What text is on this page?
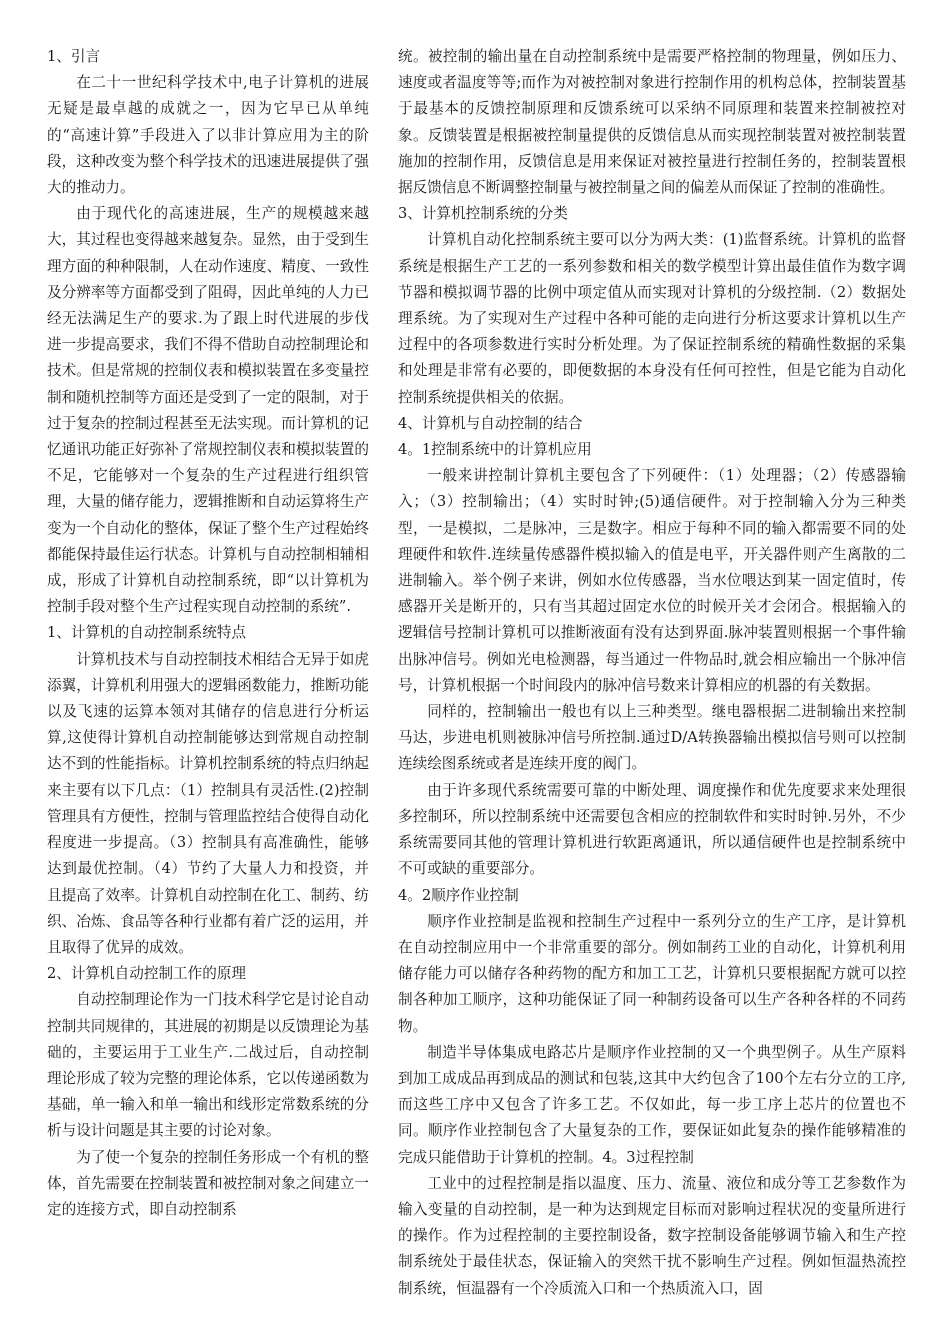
1、引言

在二十一世纪科学技术中,电子计算机的进展无疑是最卓越的成就之一，因为它早已从单纯的“高速计算”手段进入了以非计算应用为主的阶段，这种改变为整个科学技术的迅速进展提供了强大的推动力。

由于现代化的高速进展，生产的规模越来越大，其过程也变得越来越复杂。显然，由于受到生理方面的种种限制，人在动作速度、精度、一致性及分辨率等方面都受到了阻碍，因此单纯的人力已经无法满足生产的要求.为了跟上时代进展的步伐进一步提高要求，我们不得不借助自动控制理论和技术。但是常规的控制仪表和模拟装置在多变量控制和随机控制等方面还是受到了一定的限制，对于过于复杂的控制过程甚至无法实现。而计算机的记忆通讯功能正好弥补了常规控制仪表和模拟装置的不足，它能够对一个复杂的生产过程进行组织管理，大量的储存能力，逻辑推断和自动运算将生产变为一个自动化的整体，保证了整个生产过程始终都能保持最佳运行状态。计算机与自动控制相辅相成，形成了计算机自动控制系统，即“以计算机为控制手段对整个生产过程实现自动控制的系统”.

1、计算机的自动控制系统特点

计算机技术与自动控制技术相结合无异于如虎添翼，计算机利用强大的逻辑函数能力，推断功能以及飞速的运算本领对其储存的信息进行分析运算,这使得计算机自动控制能够达到常规自动控制达不到的性能指标。计算机控制系统的特点归纳起来主要有以下几点：（1）控制具有灵活性.(2)控制管理具有方便性，控制与管理监控结合使得自动化程度进一步提高。（3）控制具有高准确性，能够达到最优控制。（4）节约了大量人力和投资，并且提高了效率。计算机自动控制在化工、制药、纺织、冶炼、食品等各种行业都有着广泛的运用，并且取得了优异的成效。

2、计算机自动控制工作的原理

自动控制理论作为一门技术科学它是讨论自动控制共同规律的，其进展的初期是以反馈理论为基础的，主要运用于工业生产.二战过后，自动控制理论形成了较为完整的理论体系，它以传递函数为基础，单一输入和单一输出和线形定常数系统的分析与设计问题是其主要的讨论对象。

为了使一个复杂的控制任务形成一个有机的整体，首先需要在控制装置和被控制对象之间建立一定的连接方式，即自动控制系

统。被控制的输出量在自动控制系统中是需要严格控制的物理量，例如压力、速度或者温度等等;而作为对被控制对象进行控制作用的机构总体，控制装置基于最基本的反馈控制原理和反馈系统可以采纳不同原理和装置来控制被控对象。反馈装置是根据被控制量提供的反馈信息从而实现控制装置对被控制装置施加的控制作用，反馈信息是用来保证对被控量进行控制任务的，控制装置根据反馈信息不断调整控制量与被控制量之间的偏差从而保证了控制的准确性。

3、计算机控制系统的分类

计算机自动化控制系统主要可以分为两大类：(1)监督系统。计算机的监督系统是根据生产工艺的一系列参数和相关的数学模型计算出最佳值作为数字调节器和模拟调节器的比例中项定值从而实现对计算机的分级控制.（2）数据处理系统。为了实现对生产过程中各种可能的走向进行分析这要求计算机以生产过程中的各项参数进行实时分析处理。为了保证控制系统的精确性数据的采集和处理是非常有必要的，即便数据的本身没有任何可控性，但是它能为自动化控制系统提供相关的依据。

4、计算机与自动控制的结合

4。1控制系统中的计算机应用

一般来讲控制计算机主要包含了下列硬件：（1）处理器；（2）传感器输入；（3）控制输出；（4）实时时钟;(5)通信硬件。对于控制输入分为三种类型，一是模拟，二是脉冲，三是数字。相应于每种不同的输入都需要不同的处理硬件和软件.连续量传感器件模拟输入的值是电平，开关器件则产生离散的二进制输入。举个例子来讲，例如水位传感器，当水位喂达到某一固定值时，传感器开关是断开的，只有当其超过固定水位的时候开关才会闭合。根据输入的逻辑信号控制计算机可以推断液面有没有达到界面.脉冲装置则根据一个事件输出脉冲信号。例如光电检测器，每当通过一件物品时,就会相应输出一个脉冲信号，计算机根据一个时间段内的脉冲信号数来计算相应的机器的有关数据。

同样的，控制输出一般也有以上三种类型。继电器根据二进制输出来控制马达，步进电机则被脉冲信号所控制.通过D/A转换器输出模拟信号则可以控制连续绘图系统或者是连续开度的阀门。

由于许多现代系统需要可靠的中断处理、调度操作和优先度要求来处理很多控制环，所以控制系统中还需要包含相应的控制软件和实时时钟.另外，不少系统需要同其他的管理计算机进行软距离通讯，所以通信硬件也是控制系统中不可或缺的重要部分。

4。2顺序作业控制

顺序作业控制是监视和控制生产过程中一系列分立的生产工序，是计算机在自动控制应用中一个非常重要的部分。例如制药工业的自动化，计算机利用储存能力可以储存各种药物的配方和加工工艺，计算机只要根据配方就可以控制各种加工顺序，这种功能保证了同一种制药设备可以生产各种各样的不同药物。

制造半导体集成电路芯片是顺序作业控制的又一个典型例子。从生产原料到加工成成品再到成品的测试和包装,这其中大约包含了100个左右分立的工序,而这些工序中又包含了许多工艺。不仅如此，每一步工序上芯片的位置也不同。顺序作业控制包含了大量复杂的工作，要保证如此复杂的操作能够精准的完成只能借助于计算机的控制。4。3过程控制

工业中的过程控制是指以温度、压力、流量、液位和成分等工艺参数作为输入变量的自动控制，是一种为达到规定目标而对影响过程状况的变量所进行的操作。作为过程控制的主要控制设备，数字控制设备能够调节输入和生产控制系统处于最佳状态，保证输入的突然干扰不影响生产过程。例如恒温热流控制系统，恒温器有一个冷质流入口和一个热质流入口，固
